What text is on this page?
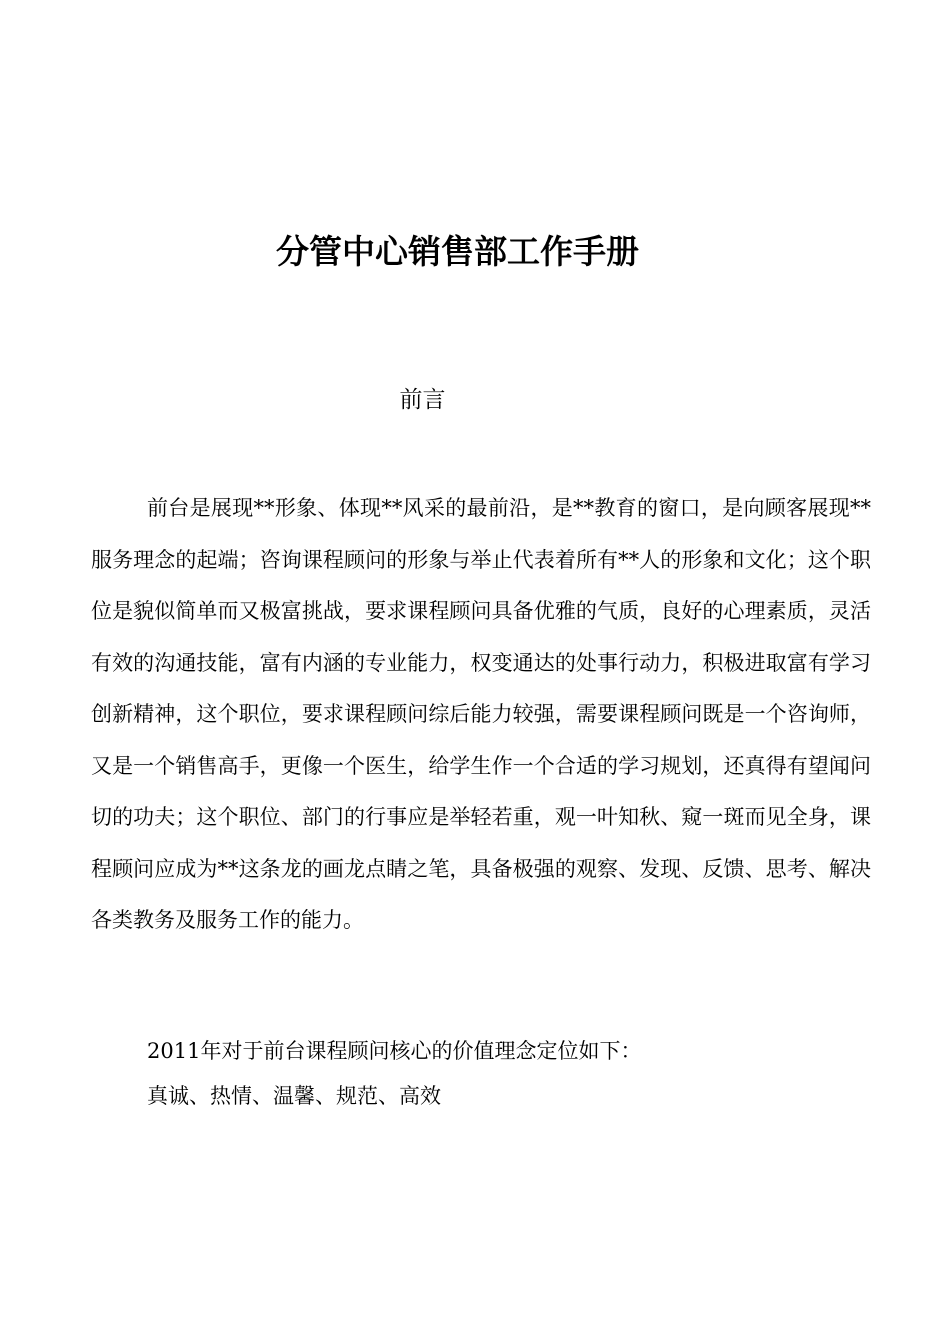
分管中心销售部工作手册
前言

前台是展现**形象、体现**风采的最前沿，是**教育的窗口，是向顾客展现**服务理念的起端；咨询课程顾问的形象与举止代表着所有**人的形象和文化；这个职位是貌似简单而又极富挑战，要求课程顾问具备优雅的气质，良好的心理素质，灵活有效的沟通技能，富有内涵的专业能力，权变通达的处事行动力，积极进取富有学习创新精神，这个职位，要求课程顾问综后能力较强，需要课程顾问既是一个咨询师，又是一个销售高手，更像一个医生，给学生作一个合适的学习规划，还真得有望闻问切的功夫；这个职位、部门的行事应是举轻若重，观一叶知秋、窥一斑而见全身，课程顾问应成为**这条龙的画龙点睛之笔，具备极强的观察、发现、反馈、思考、解决各类教务及服务工作的能力。

2011年对于前台课程顾问核心的价值理念定位如下：

真诚、热情、温馨、规范、高效
